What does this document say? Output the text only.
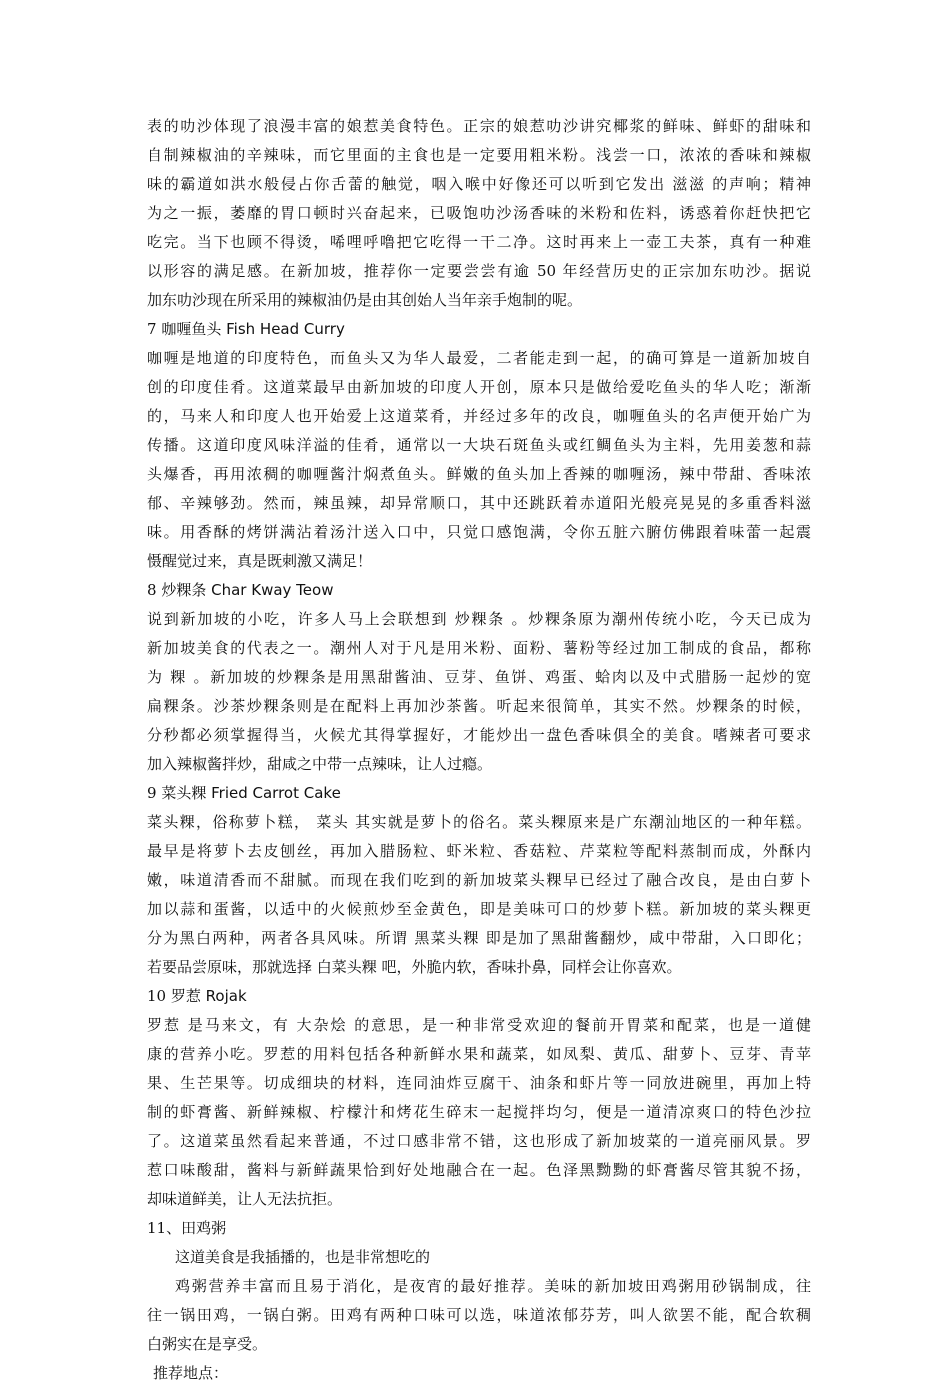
表的叻沙体现了浪漫丰富的娘惹美食特色。正宗的娘惹叻沙讲究椰浆的鲜味、鲜虾的甜味和
自制辣椒油的辛辣味，而它里面的主食也是一定要用粗米粉。浅尝一口，浓浓的香味和辣椒
味的霸道如洪水般侵占你舌蕾的触觉，咽入喉中好像还可以听到它发出 滋滋 的声响；精神
为之一振，萎靡的胃口顿时兴奋起来，已吸饱叻沙汤香味的米粉和佐料，诱惑着你赶快把它
吃完。当下也顾不得烫，唏哩呼噜把它吃得一干二净。这时再来上一壶工夫茶，真有一种难
以形容的满足感。在新加坡，推荐你一定要尝尝有逾 50 年经营历史的正宗加东叻沙。据说
加东叻沙现在所采用的辣椒油仍是由其创始人当年亲手炮制的呢。
7 咖喱鱼头 Fish Head Curry
咖喱是地道的印度特色，而鱼头又为华人最爱，二者能走到一起，的确可算是一道新加坡自
创的印度佳肴。这道菜最早由新加坡的印度人开创，原本只是做给爱吃鱼头的华人吃；渐渐
的，马来人和印度人也开始爱上这道菜肴，并经过多年的改良，咖喱鱼头的名声便开始广为
传播。这道印度风味洋溢的佳肴，通常以一大块石斑鱼头或红鲷鱼头为主料，先用姜葱和蒜
头爆香，再用浓稠的咖喱酱汁焖煮鱼头。鲜嫩的鱼头加上香辣的咖喱汤，辣中带甜、香味浓
郁、辛辣够劲。然而，辣虽辣，却异常顺口，其中还跳跃着赤道阳光般亮晃晃的多重香料滋
味。用香酥的烤饼满沾着汤汁送入口中，只觉口感饱满，令你五脏六腑仿佛跟着味蕾一起震
慑醒觉过来，真是既刺激又满足！
8 炒粿条 Char Kway Teow
说到新加坡的小吃，许多人马上会联想到 炒粿条 。炒粿条原为潮州传统小吃，今天已成为
新加坡美食的代表之一。潮州人对于凡是用米粉、面粉、薯粉等经过加工制成的食品，都称
为 粿 。新加坡的炒粿条是用黑甜酱油、豆芽、鱼饼、鸡蛋、蛤肉以及中式腊肠一起炒的宽
扁粿条。沙茶炒粿条则是在配料上再加沙茶酱。听起来很简单，其实不然。炒粿条的时候，
分秒都必须掌握得当，火候尤其得掌握好，才能炒出一盘色香味俱全的美食。嗜辣者可要求
加入辣椒酱拌炒，甜咸之中带一点辣味，让人过瘾。
9 菜头粿 Fried Carrot Cake
菜头粿，俗称萝卜糕， 菜头 其实就是萝卜的俗名。菜头粿原来是广东潮汕地区的一种年糕。
最早是将萝卜去皮刨丝，再加入腊肠粒、虾米粒、香菇粒、芹菜粒等配料蒸制而成，外酥内
嫩，味道清香而不甜腻。而现在我们吃到的新加坡菜头粿早已经过了融合改良，是由白萝卜
加以蒜和蛋酱，以适中的火候煎炒至金黄色，即是美味可口的炒萝卜糕。新加坡的菜头粿更
分为黑白两种，两者各具风味。所谓 黑菜头粿 即是加了黑甜酱翻炒，咸中带甜，入口即化；
若要品尝原味，那就选择 白菜头粿 吧，外脆内软，香味扑鼻，同样会让你喜欢。
10 罗惹 Rojak
罗惹 是马来文，有 大杂烩 的意思，是一种非常受欢迎的餐前开胃菜和配菜，也是一道健
康的营养小吃。罗惹的用料包括各种新鲜水果和蔬菜，如凤梨、黄瓜、甜萝卜、豆芽、青苹
果、生芒果等。切成细块的材料，连同油炸豆腐干、油条和虾片等一同放进碗里，再加上特
制的虾膏酱、新鲜辣椒、柠檬汁和烤花生碎末一起搅拌均匀，便是一道清凉爽口的特色沙拉
了。这道菜虽然看起来普通，不过口感非常不错，这也形成了新加坡菜的一道亮丽风景。罗
惹口味酸甜，酱料与新鲜蔬果恰到好处地融合在一起。色泽黑黝黝的虾膏酱尽管其貌不扬，
却味道鲜美，让人无法抗拒。
11、田鸡粥
这道美食是我插播的，也是非常想吃的
鸡粥营养丰富而且易于消化，是夜宵的最好推荐。美味的新加坡田鸡粥用砂锅制成，往
往一锅田鸡，一锅白粥。田鸡有两种口味可以选，味道浓郁芬芳，叫人欲罢不能，配合软稠
白粥实在是享受。
推荐地点：
